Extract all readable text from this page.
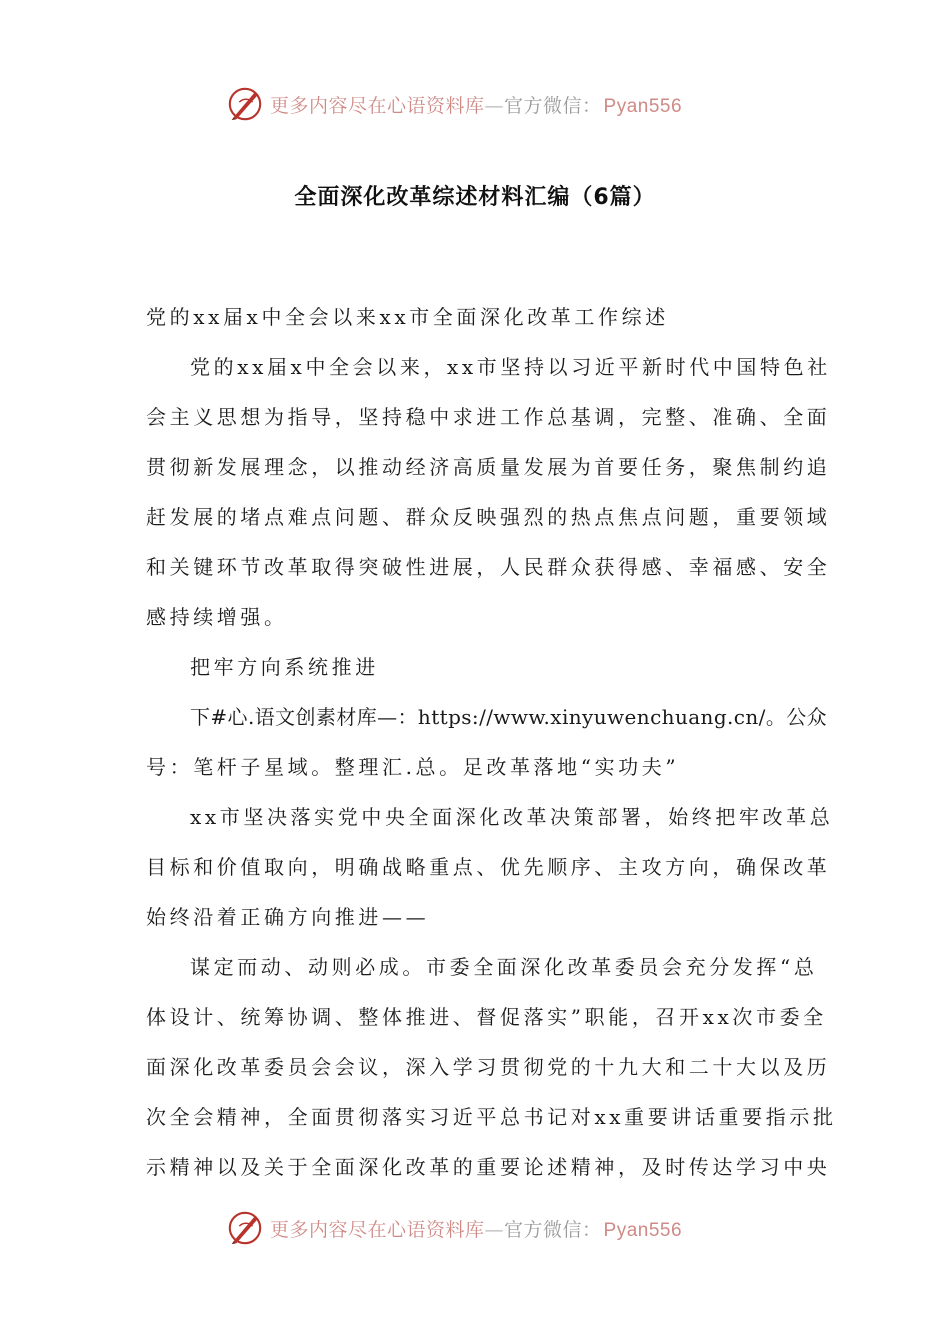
更多内容尽在心语资料库—官方微信： Pyan556
全面深化改革综述材料汇编（6篇）
党的xx届x中全会以来xx市全面深化改革工作综述
党的xx届x中全会以来，xx市坚持以习近平新时代中国特色社
会主义思想为指导，坚持稳中求进工作总基调，完整、准确、全面
贯彻新发展理念，以推动经济高质量发展为首要任务，聚焦制约追
赶发展的堵点难点问题、群众反映强烈的热点焦点问题，重要领域
和关键环节改革取得突破性进展，人民群众获得感、幸福感、安全
感持续增强。
把牢方向系统推进
下#心.语文创素材库—：https://www.xinyuwenchuang.cn/。公众
号：笔杆子星域。整理汇.总。足改革落地“实功夫”
xx市坚决落实党中央全面深化改革决策部署，始终把牢改革总
目标和价值取向，明确战略重点、优先顺序、主攻方向，确保改革
始终沿着正确方向推进——
谋定而动、动则必成。市委全面深化改革委员会充分发挥“总
体设计、统筹协调、整体推进、督促落实”职能，召开xx次市委全
面深化改革委员会会议，深入学习贯彻党的十九大和二十大以及历
次全会精神，全面贯彻落实习近平总书记对xx重要讲话重要指示批
示精神以及关于全面深化改革的重要论述精神，及时传达学习中央
更多内容尽在心语资料库—官方微信： Pyan556
